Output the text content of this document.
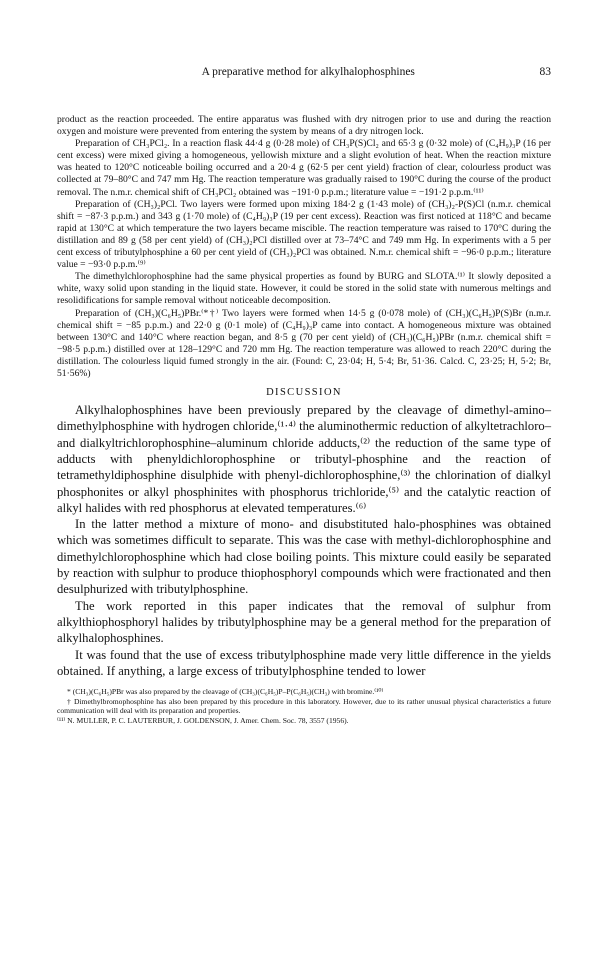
A preparative method for alkylhalophosphines	83

product as the reaction proceeded. The entire apparatus was flushed with dry nitrogen prior to use and during the reaction oxygen and moisture were prevented from entering the system by means of a dry nitrogen lock.

Preparation of CH₃PCl₂. In a reaction flask 44·4 g (0·28 mole) of CH₃P(S)Cl₂ and 65·3 g (0·32 mole) of (C₄H₉)₃P (16 per cent excess) were mixed giving a homogeneous, yellowish mixture and a slight evolution of heat. When the reaction mixture was heated to 120°C noticeable boiling occurred and a 20·4 g (62·5 per cent yield) fraction of clear, colourless product was collected at 79–80°C and 747 mm Hg. The reaction temperature was gradually raised to 190°C during the course of the product removal. The n.m.r. chemical shift of CH₃PCl₂ obtained was −191·0 p.p.m.; literature value = −191·2 p.p.m.⁽¹¹⁾

Preparation of (CH₃)₂PCl. Two layers were formed upon mixing 184·2 g (1·43 mole) of (CH₃)₂-P(S)Cl (n.m.r. chemical shift = −87·3 p.p.m.) and 343 g (1·70 mole) of (C₄H₉)₃P (19 per cent excess). Reaction was first noticed at 118°C and became rapid at 130°C at which temperature the two layers became miscible. The reaction temperature was raised to 170°C during the distillation and 89 g (58 per cent yield) of (CH₃)₂PCl distilled over at 73–74°C and 749 mm Hg. In experiments with a 5 per cent excess of tributylphosphine a 60 per cent yield of (CH₃)₂PCl was obtained. N.m.r. chemical shift = −96·0 p.p.m.; literature value = −93·0 p.p.m.⁽⁹⁾

The dimethylchlorophosphine had the same physical properties as found by BURG and SLOTA.⁽¹⁾ It slowly deposited a white, waxy solid upon standing in the liquid state. However, it could be stored in the solid state with numerous meltings and resolidifications for sample removal without noticeable decomposition.

Preparation of (CH₃)(C₆H₅)PBr.⁽*†⁾ Two layers were formed when 14·5 g (0·078 mole) of (CH₃)(C₆H₅)P(S)Br (n.m.r. chemical shift = −85 p.p.m.) and 22·0 g (0·1 mole) of (C₄H₉)₃P came into contact. A homogeneous mixture was obtained between 130°C and 140°C where reaction began, and 8·5 g (70 per cent yield) of (CH₃)(C₆H₅)PBr (n.m.r. chemical shift = −98·5 p.p.m.) distilled over at 128–129°C and 720 mm Hg. The reaction temperature was allowed to reach 220°C during the distillation. The colourless liquid fumed strongly in the air. (Found: C, 23·04; H, 5·4; Br, 51·36. Calcd. C, 23·25; H, 5·2; Br, 51·56%)

DISCUSSION

Alkylhalophosphines have been previously prepared by the cleavage of dimethyl-amino–dimethylphosphine with hydrogen chloride,⁽¹·⁴⁾ the aluminothermic reduction of alkyltetrachloro– and dialkyltrichlorophosphine–aluminum chloride adducts,⁽²⁾ the reduction of the same type of adducts with phenyldichlorophosphine or tributyl-phosphine and the reaction of tetramethyldiphosphine disulphide with phenyl-dichlorophosphine,⁽³⁾ the chlorination of dialkyl phosphonites or alkyl phosphinites with phosphorus trichloride,⁽⁵⁾ and the catalytic reaction of alkyl halides with red phosphorus at elevated temperatures.⁽⁶⁾

In the latter method a mixture of mono- and disubstituted halo-phosphines was obtained which was sometimes difficult to separate. This was the case with methyl-dichlorophosphine and dimethylchlorophosphine which had close boiling points. This mixture could easily be separated by reaction with sulphur to produce thiophosphoryl compounds which were fractionated and then desulphurized with tributylphosphine.

The work reported in this paper indicates that the removal of sulphur from alkylthiophosphoryl halides by tributylphosphine may be a general method for the preparation of alkylhalophosphines.

It was found that the use of excess tributylphosphine made very little difference in the yields obtained. If anything, a large excess of tributylphosphine tended to lower

* (CH₃)(C₆H₅)PBr was also prepared by the cleavage of (CH₃)(C₆H₅)P–P(C₆H₅)(CH₃) with bromine.⁽¹⁰⁾

† Dimethylbromophosphine has also been prepared by this procedure in this laboratory. However, due to its rather unusual physical characteristics a future communication will deal with its preparation and properties.

⁽¹¹⁾ N. MULLER, P. C. LAUTERBUR, J. GOLDENSON, J. Amer. Chem. Soc. 78, 3557 (1956).
